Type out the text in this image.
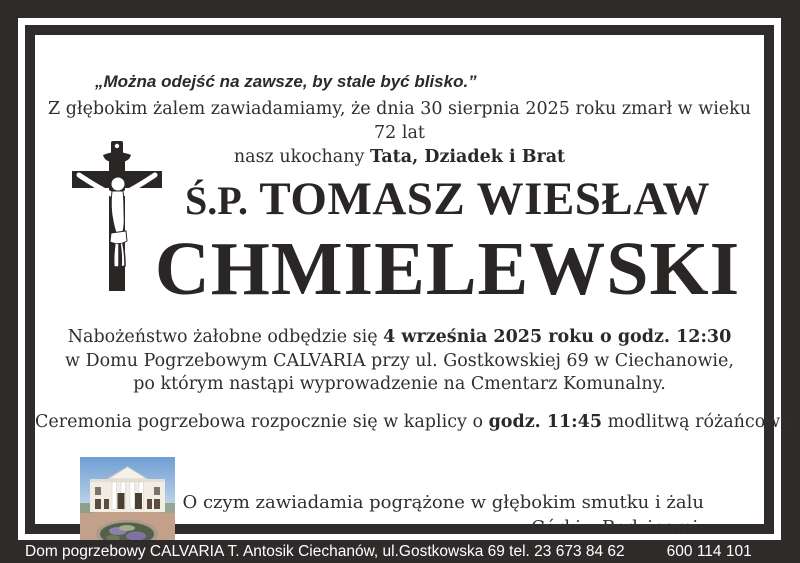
„Można odejść na zawsze, by stale być blisko.”
Z głębokim żalem zawiadamiamy, że dnia 30 sierpnia 2025 roku zmarł w wieku 72 lat
nasz ukochany Tata, Dziadek i Brat
Ś.P. TOMASZ WIESŁAW
CHMIELEWSKI
Nabożeństwo żałobne odbędzie się 4 września 2025 roku o godz. 12:30
w Domu Pogrzebowym CALVARIA przy ul. Gostkowskiej 69 w Ciechanowie,
po którym nastąpi wyprowadzenie na Cmentarz Komunalny.
Ceremonia pogrzebowa rozpocznie się w kaplicy o godz. 11:45 modlitwą różańcową.
O czym zawiadamia pogrążone w głębokim smutku i żalu
Córki z Rodzinami.
Dom pogrzebowy CALVARIA T. Antosik Ciechanów, ul.Gostkowska 69 tel. 23 673 84 62	600 114 101
